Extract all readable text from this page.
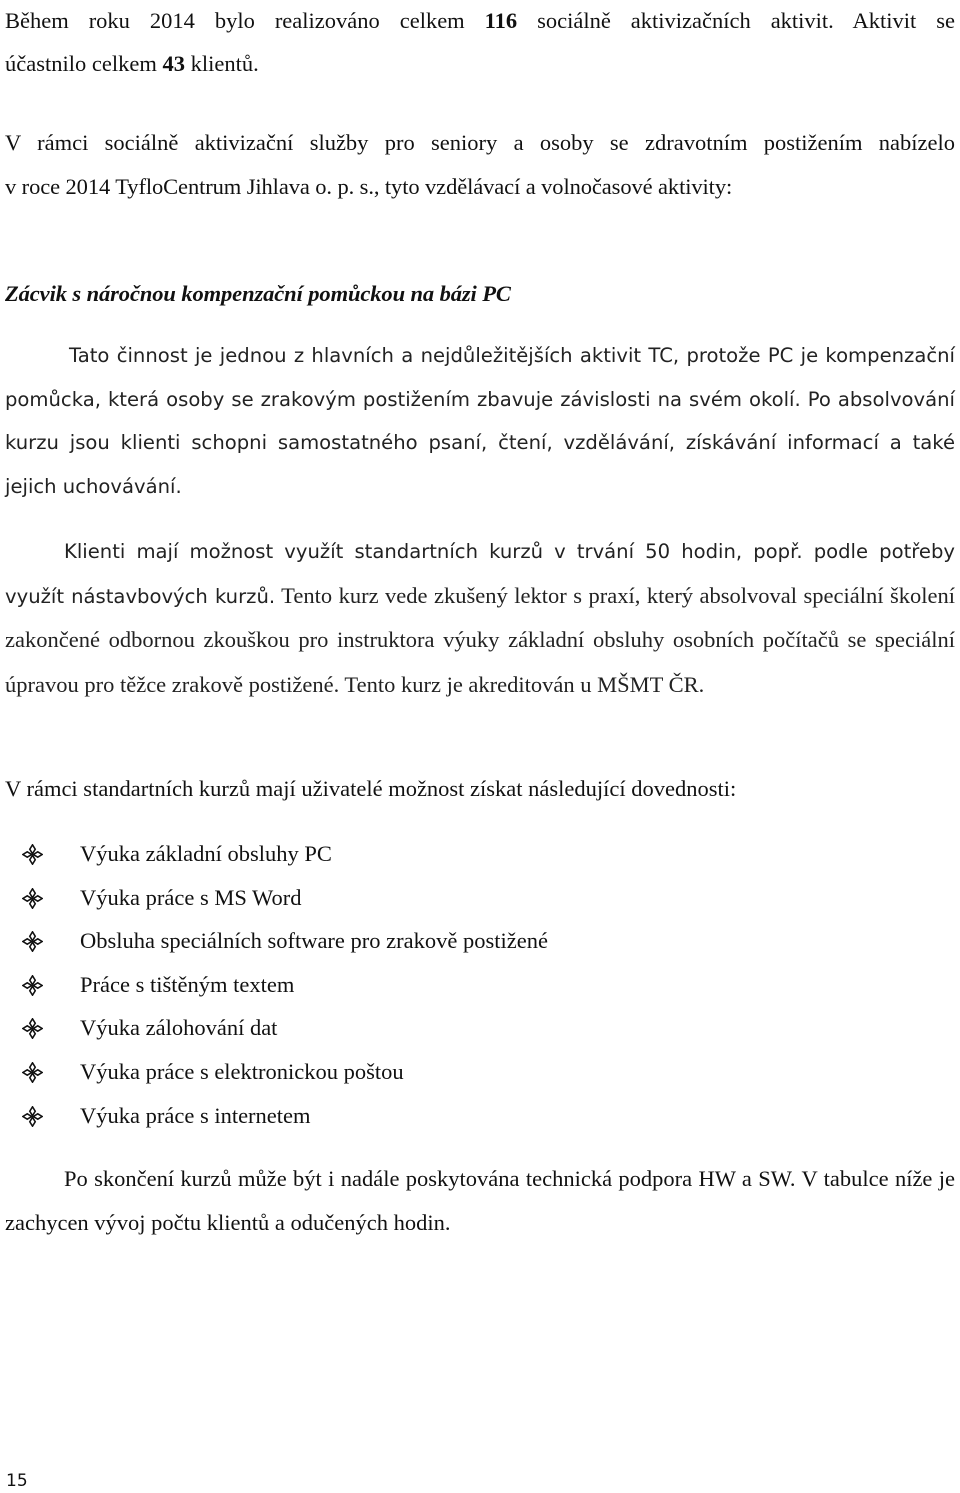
Během roku 2014 bylo realizováno celkem 116 sociálně aktivizačních aktivit. Aktivit se
účastnilo celkem 43 klientů.

V rámci sociálně aktivizační služby pro seniory a osoby se zdravotním postižením nabízelo
v roce 2014 TyfloCentrum Jihlava o. p. s., tyto vzdělávací a volnočasové aktivity:

Zácvik s náročnou kompenzační pomůckou na bázi PC

Tato činnost je jednou z hlavních a nejdůležitějších aktivit TC, protože PC je kompenzační pomůcka, která osoby se zrakovým postižením zbavuje závislosti na svém okolí. Po absolvování kurzu jsou klienti schopni samostatného psaní, čtení, vzdělávání, získávání informací a také jejich uchovávání.

Klienti mají možnost využít standartních kurzů v trvání 50 hodin, popř. podle potřeby využít nástavbových kurzů. Tento kurz vede zkušený lektor s praxí, který absolvoval speciální školení zakončené odbornou zkouškou pro instruktora výuky základní obsluhy osobních počítačů se speciální úpravou pro těžce zrakově postižené. Tento kurz je akreditován u MŠMT ČR.

V rámci standartních kurzů mají uživatelé možnost získat následující dovednosti:

Výuka základní obsluhy PC
Výuka práce s MS Word
Obsluha speciálních software pro zrakově postižené
Práce s tištěným textem
Výuka zálohování dat
Výuka práce s elektronickou poštou
Výuka práce s internetem

Po skončení kurzů může být i nadále poskytována technická podpora HW a SW. V tabulce níže je zachycen vývoj počtu klientů a odučených hodin.

15
